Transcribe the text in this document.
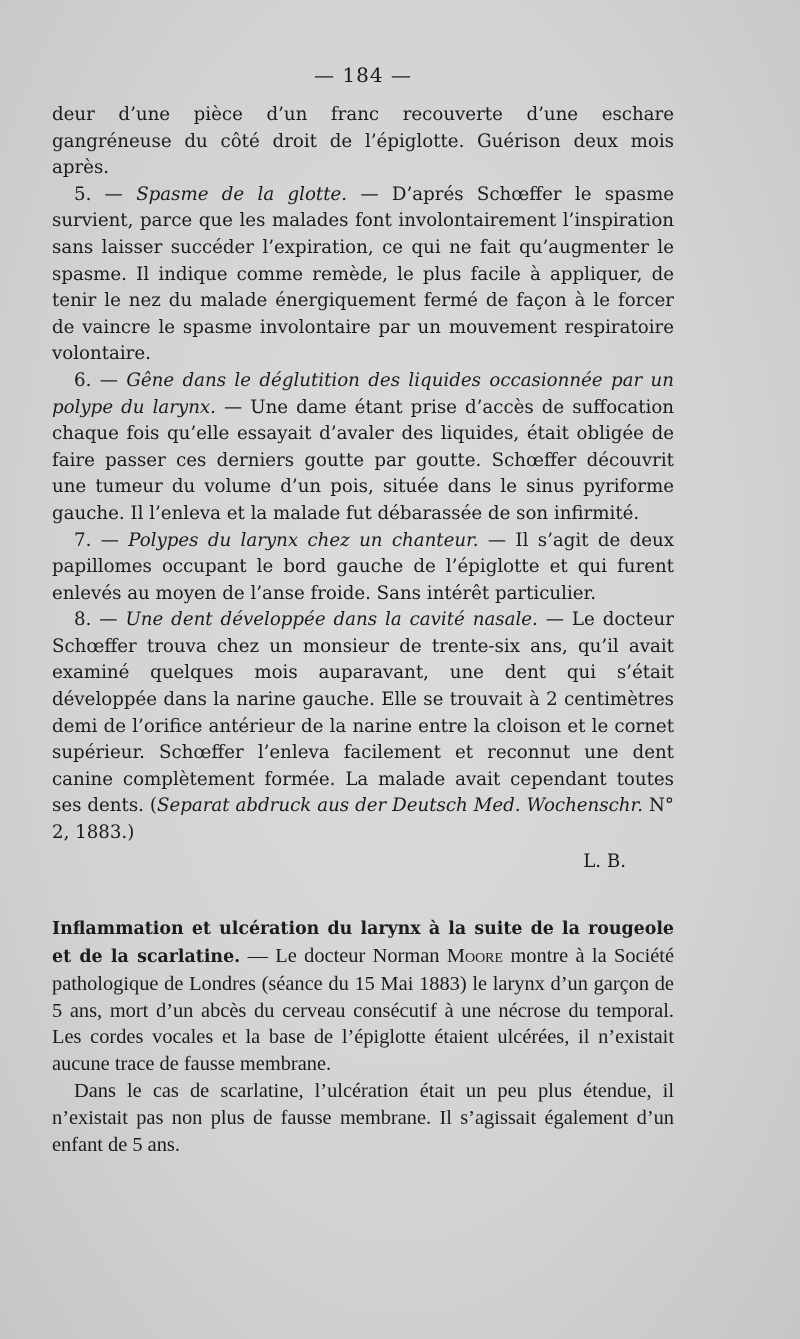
— 184 —

deur d’une pièce d’un franc recouverte d’une eschare gangréneuse du côté droit de l’épiglotte. Guérison deux mois après.

5. — Spasme de la glotte. — D’aprés Schœffer le spasme survient, parce que les malades font involontairement l’inspiration sans laisser succéder l’expiration, ce qui ne fait qu’augmenter le spasme. Il indique comme remède, le plus facile à appliquer, de tenir le nez du malade énergiquement fermé de façon à le forcer de vaincre le spasme involontaire par un mouvement respiratoire volontaire.

6. — Gêne dans le déglutition des liquides occasionnée par un polype du larynx. — Une dame étant prise d’accès de suffocation chaque fois qu’elle essayait d’avaler des liquides, était obligée de faire passer ces derniers goutte par goutte. Schœffer découvrit une tumeur du volume d’un pois, située dans le sinus pyriforme gauche. Il l’enleva et la malade fut débarassée de son infirmité.

7. — Polypes du larynx chez un chanteur. — Il s’agit de deux papillomes occupant le bord gauche de l’épiglotte et qui furent enlevés au moyen de l’anse froide. Sans intérêt particulier.

8. — Une dent développée dans la cavité nasale. — Le docteur Schœffer trouva chez un monsieur de trente-six ans, qu’il avait examiné quelques mois auparavant, une dent qui s’était développée dans la narine gauche. Elle se trouvait à 2 centimètres demi de l’orifice antérieur de la narine entre la cloison et le cornet supérieur. Schœffer l’enleva facilement et reconnut une dent canine complètement formée. La malade avait cependant toutes ses dents. (Separat abdruck aus der Deutsch Med. Wochenschr. N° 2, 1883.)

L. B.

Inflammation et ulcération du larynx à la suite de la rougeole et de la scarlatine. — Le docteur Norman Moore montre à la Société pathologique de Londres (séance du 15 Mai 1883) le larynx d’un garçon de 5 ans, mort d’un abcès du cerveau consécutif à une nécrose du temporal. Les cordes vocales et la base de l’épiglotte étaient ulcérées, il n’existait aucune trace de fausse membrane.

Dans le cas de scarlatine, l’ulcération était un peu plus étendue, il n’existait pas non plus de fausse membrane. Il s’agissait également d’un enfant de 5 ans.
